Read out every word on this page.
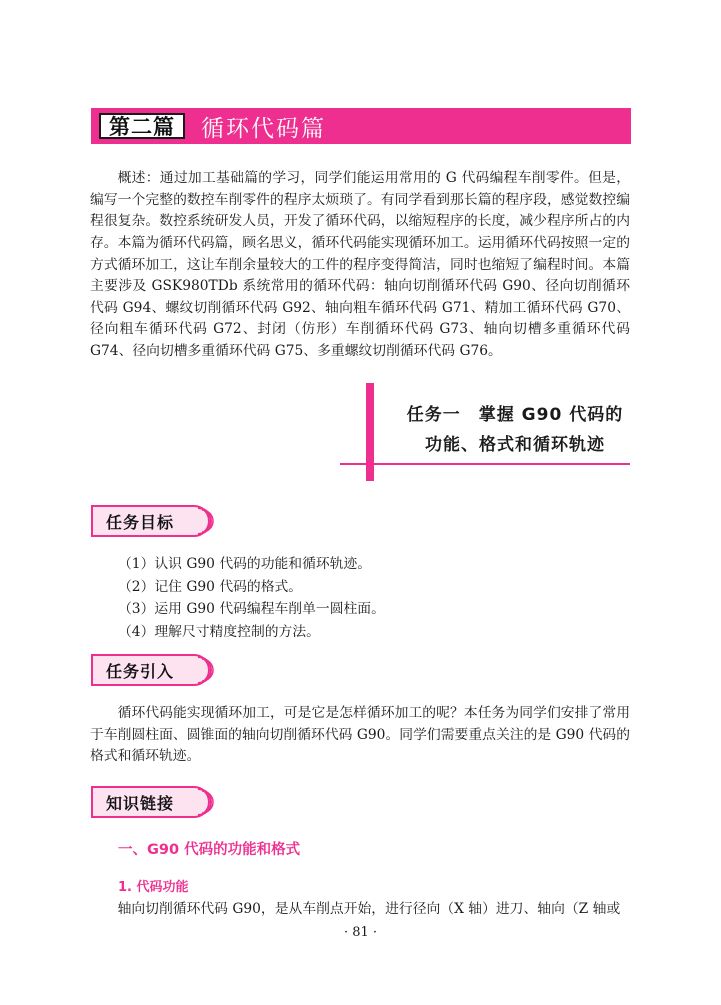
第二篇	循环代码篇

概述：通过加工基础篇的学习，同学们能运用常用的 G 代码编程车削零件。但是，编写一个完整的数控车削零件的程序太烦琐了。有同学看到那长篇的程序段，感觉数控编程很复杂。数控系统研发人员，开发了循环代码，以缩短程序的长度，减少程序所占的内存。 本篇为循环代码篇，顾名思义，循环代码能实现循环加工。运用循环代码按照一定的方式循环加工，这让车削余量较大的工件的程序变得简洁，同时也缩短了编程时间。本篇主要涉及 GSK980TDb 系统常用的循环代码：轴向切削循环代码 G90、径向切削循环代码 G94、螺纹切削循环代码 G92、轴向粗车循环代码 G71、精加工循环代码 G70、径向粗车循环代码 G72、封闭（仿形）车削循环代码 G73、轴向切槽多重循环代码 G74、径向切槽多重循环代码 G75、多重螺纹切削循环代码 G76。

任务一　掌握 G90 代码的
功能、格式和循环轨迹
任务目标
（1）认识 G90 代码的功能和循环轨迹。
（2）记住 G90 代码的格式。
（3）运用 G90 代码编程车削单一圆柱面。
（4）理解尺寸精度控制的方法。
任务引入

循环代码能实现循环加工，可是它是怎样循环加工的呢？本任务为同学们安排了常用于车削圆柱面、圆锥面的轴向切削循环代码 G90。同学们需要重点关注的是 G90 代码的格式和循环轨迹。

知识链接
一、G90 代码的功能和格式
1. 代码功能

轴向切削循环代码 G90，是从车削点开始，进行径向（X 轴）进刀、轴向（Z 轴或

· 81 ·
